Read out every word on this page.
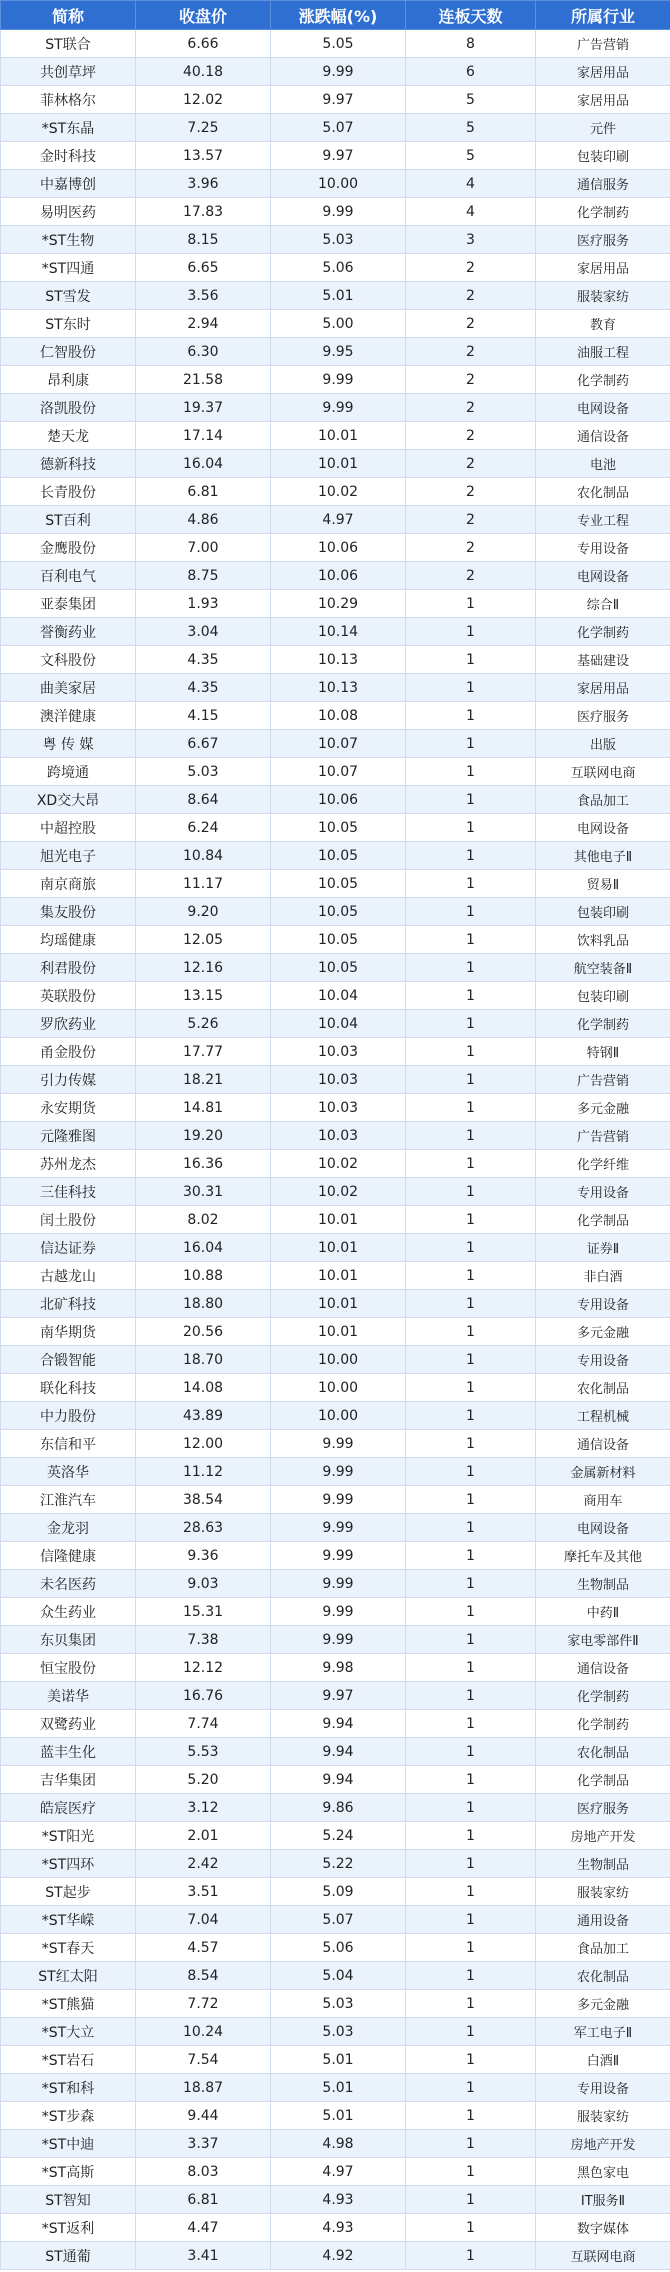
简称	收盘价	涨跌幅(%)	连板天数	所属行业
ST联合	6.66	5.05	8	广告营销
共创草坪	40.18	9.99	6	家居用品
菲林格尔	12.02	9.97	5	家居用品
*ST东晶	7.25	5.07	5	元件
金时科技	13.57	9.97	5	包装印刷
中嘉博创	3.96	10.00	4	通信服务
易明医药	17.83	9.99	4	化学制药
*ST生物	8.15	5.03	3	医疗服务
*ST四通	6.65	5.06	2	家居用品
ST雪发	3.56	5.01	2	服装家纺
ST东时	2.94	5.00	2	教育
仁智股份	6.30	9.95	2	油服工程
昂利康	21.58	9.99	2	化学制药
洛凯股份	19.37	9.99	2	电网设备
楚天龙	17.14	10.01	2	通信设备
德新科技	16.04	10.01	2	电池
长青股份	6.81	10.02	2	农化制品
ST百利	4.86	4.97	2	专业工程
金鹰股份	7.00	10.06	2	专用设备
百利电气	8.75	10.06	2	电网设备
亚泰集团	1.93	10.29	1	综合Ⅱ
誉衡药业	3.04	10.14	1	化学制药
文科股份	4.35	10.13	1	基础建设
曲美家居	4.35	10.13	1	家居用品
澳洋健康	4.15	10.08	1	医疗服务
粤 传 媒	6.67	10.07	1	出版
跨境通	5.03	10.07	1	互联网电商
XD交大昂	8.64	10.06	1	食品加工
中超控股	6.24	10.05	1	电网设备
旭光电子	10.84	10.05	1	其他电子Ⅱ
南京商旅	11.17	10.05	1	贸易Ⅱ
集友股份	9.20	10.05	1	包装印刷
均瑶健康	12.05	10.05	1	饮料乳品
利君股份	12.16	10.05	1	航空装备Ⅱ
英联股份	13.15	10.04	1	包装印刷
罗欣药业	5.26	10.04	1	化学制药
甬金股份	17.77	10.03	1	特钢Ⅱ
引力传媒	18.21	10.03	1	广告营销
永安期货	14.81	10.03	1	多元金融
元隆雅图	19.20	10.03	1	广告营销
苏州龙杰	16.36	10.02	1	化学纤维
三佳科技	30.31	10.02	1	专用设备
闰土股份	8.02	10.01	1	化学制品
信达证券	16.04	10.01	1	证券Ⅱ
古越龙山	10.88	10.01	1	非白酒
北矿科技	18.80	10.01	1	专用设备
南华期货	20.56	10.01	1	多元金融
合锻智能	18.70	10.00	1	专用设备
联化科技	14.08	10.00	1	农化制品
中力股份	43.89	10.00	1	工程机械
东信和平	12.00	9.99	1	通信设备
英洛华	11.12	9.99	1	金属新材料
江淮汽车	38.54	9.99	1	商用车
金龙羽	28.63	9.99	1	电网设备
信隆健康	9.36	9.99	1	摩托车及其他
未名医药	9.03	9.99	1	生物制品
众生药业	15.31	9.99	1	中药Ⅱ
东贝集团	7.38	9.99	1	家电零部件Ⅱ
恒宝股份	12.12	9.98	1	通信设备
美诺华	16.76	9.97	1	化学制药
双鹭药业	7.74	9.94	1	化学制药
蓝丰生化	5.53	9.94	1	农化制品
吉华集团	5.20	9.94	1	化学制品
皓宸医疗	3.12	9.86	1	医疗服务
*ST阳光	2.01	5.24	1	房地产开发
*ST四环	2.42	5.22	1	生物制品
ST起步	3.51	5.09	1	服装家纺
*ST华嵘	7.04	5.07	1	通用设备
*ST春天	4.57	5.06	1	食品加工
ST红太阳	8.54	5.04	1	农化制品
*ST熊猫	7.72	5.03	1	多元金融
*ST大立	10.24	5.03	1	军工电子Ⅱ
*ST岩石	7.54	5.01	1	白酒Ⅱ
*ST和科	18.87	5.01	1	专用设备
*ST步森	9.44	5.01	1	服装家纺
*ST中迪	3.37	4.98	1	房地产开发
*ST高斯	8.03	4.97	1	黑色家电
ST智知	6.81	4.93	1	IT服务Ⅱ
*ST返利	4.47	4.93	1	数字媒体
ST通葡	3.41	4.92	1	互联网电商
